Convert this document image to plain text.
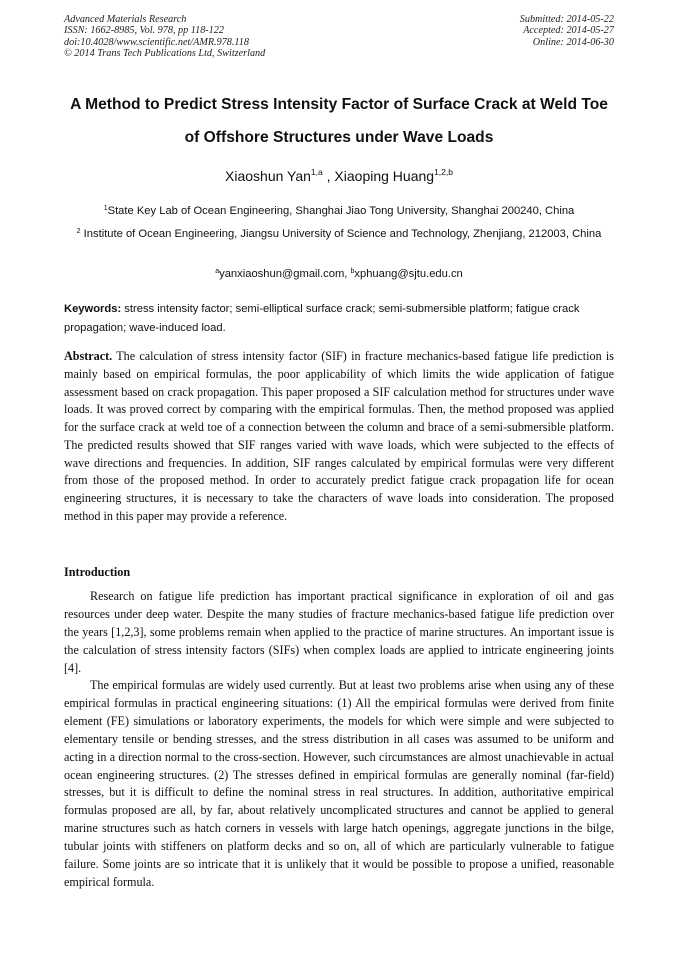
Advanced Materials Research
ISSN: 1662-8985, Vol. 978, pp 118-122
doi:10.4028/www.scientific.net/AMR.978.118
© 2014 Trans Tech Publications Ltd, Switzerland
Submitted: 2014-05-22
Accepted: 2014-05-27
Online: 2014-06-30
A Method to Predict Stress Intensity Factor of Surface Crack at Weld Toe
of Offshore Structures under Wave Loads
Xiaoshun Yan$^{1,a}$ , Xiaoping Huang$^{1,2,b}$
$^1$State Key Lab of Ocean Engineering, Shanghai Jiao Tong University, Shanghai 200240, China
$^2$ Institute of Ocean Engineering, Jiangsu University of Science and Technology, Zhenjiang, 212003, China
$^a$yanxiaoshun@gmail.com, $^b$xphuang@sjtu.edu.cn
Keywords: stress intensity factor; semi-elliptical surface crack; semi-submersible platform; fatigue crack propagation; wave-induced load.
Abstract. The calculation of stress intensity factor (SIF) in fracture mechanics-based fatigue life prediction is mainly based on empirical formulas, the poor applicability of which limits the wide application of fatigue assessment based on crack propagation. This paper proposed a SIF calculation method for structures under wave loads. It was proved correct by comparing with the empirical formulas. Then, the method proposed was applied for the surface crack at weld toe of a connection between the column and brace of a semi-submersible platform. The predicted results showed that SIF ranges varied with wave loads, which were subjected to the effects of wave directions and frequencies. In addition, SIF ranges calculated by empirical formulas were very different from those of the proposed method. In order to accurately predict fatigue crack propagation life for ocean engineering structures, it is necessary to take the characters of wave loads into consideration. The proposed method in this paper may provide a reference.
Introduction
Research on fatigue life prediction has important practical significance in exploration of oil and gas resources under deep water. Despite the many studies of fracture mechanics-based fatigue life prediction over the years [1,2,3], some problems remain when applied to the practice of marine structures. An important issue is the calculation of stress intensity factors (SIFs) when complex loads are applied to intricate engineering joints [4].
The empirical formulas are widely used currently. But at least two problems arise when using any of these empirical formulas in practical engineering situations: (1) All the empirical formulas were derived from finite element (FE) simulations or laboratory experiments, the models for which were simple and were subjected to elementary tensile or bending stresses, and the stress distribution in all cases was assumed to be uniform and acting in a direction normal to the cross-section. However, such circumstances are almost unachievable in actual ocean engineering structures. (2) The stresses defined in empirical formulas are generally nominal (far-field) stresses, but it is difficult to define the nominal stress in real structures. In addition, authoritative empirical formulas proposed are all, by far, about relatively uncomplicated structures and cannot be applied to general marine structures such as hatch corners in vessels with large hatch openings, aggregate junctions in the bilge, tubular joints with stiffeners on platform decks and so on, all of which are particularly vulnerable to fatigue failure. Some joints are so intricate that it is unlikely that it would be possible to propose a unified, reasonable empirical formula.
